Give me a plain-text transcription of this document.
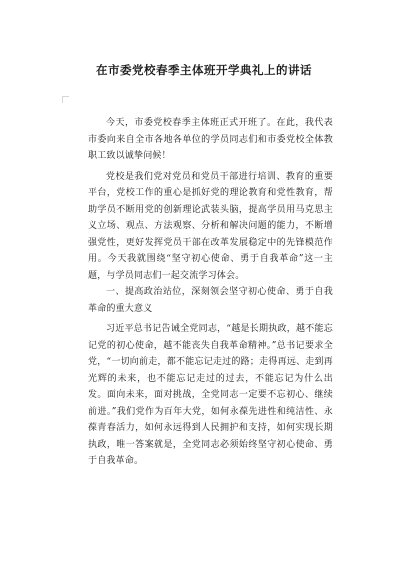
在市委党校春季主体班开学典礼上的讲话

今天，市委党校春季主体班正式开班了。在此，我代表市委向来自全市各地各单位的学员同志们和市委党校全体教职工致以诚挚问候！

党校是我们党对党员和党员干部进行培训、教育的重要平台，党校工作的重心是抓好党的理论教育和党性教育，帮助学员不断用党的创新理论武装头脑，提高学员用马克思主义立场、观点、方法观察、分析和解决问题的能力，不断增强党性，更好发挥党员干部在改革发展稳定中的先锋模范作用。今天我就围绕“坚守初心使命、勇于自我革命”这一主题，与学员同志们一起交流学习体会。

一、提高政治站位，深刻领会坚守初心使命、勇于自我革命的重大意义

习近平总书记告诫全党同志，“越是长期执政，越不能忘记党的初心使命，越不能丧失自我革命精神。”总书记要求全党，“一切向前走，都不能忘记走过的路；走得再远、走到再光辉的未来，也不能忘记走过的过去，不能忘记为什么出发。面向未来，面对挑战，全党同志一定要不忘初心、继续前进。”我们党作为百年大党，如何永葆先进性和纯洁性、永葆青春活力，如何永远得到人民拥护和支持，如何实现长期执政，唯一答案就是，全党同志必须始终坚守初心使命、勇于自我革命。
